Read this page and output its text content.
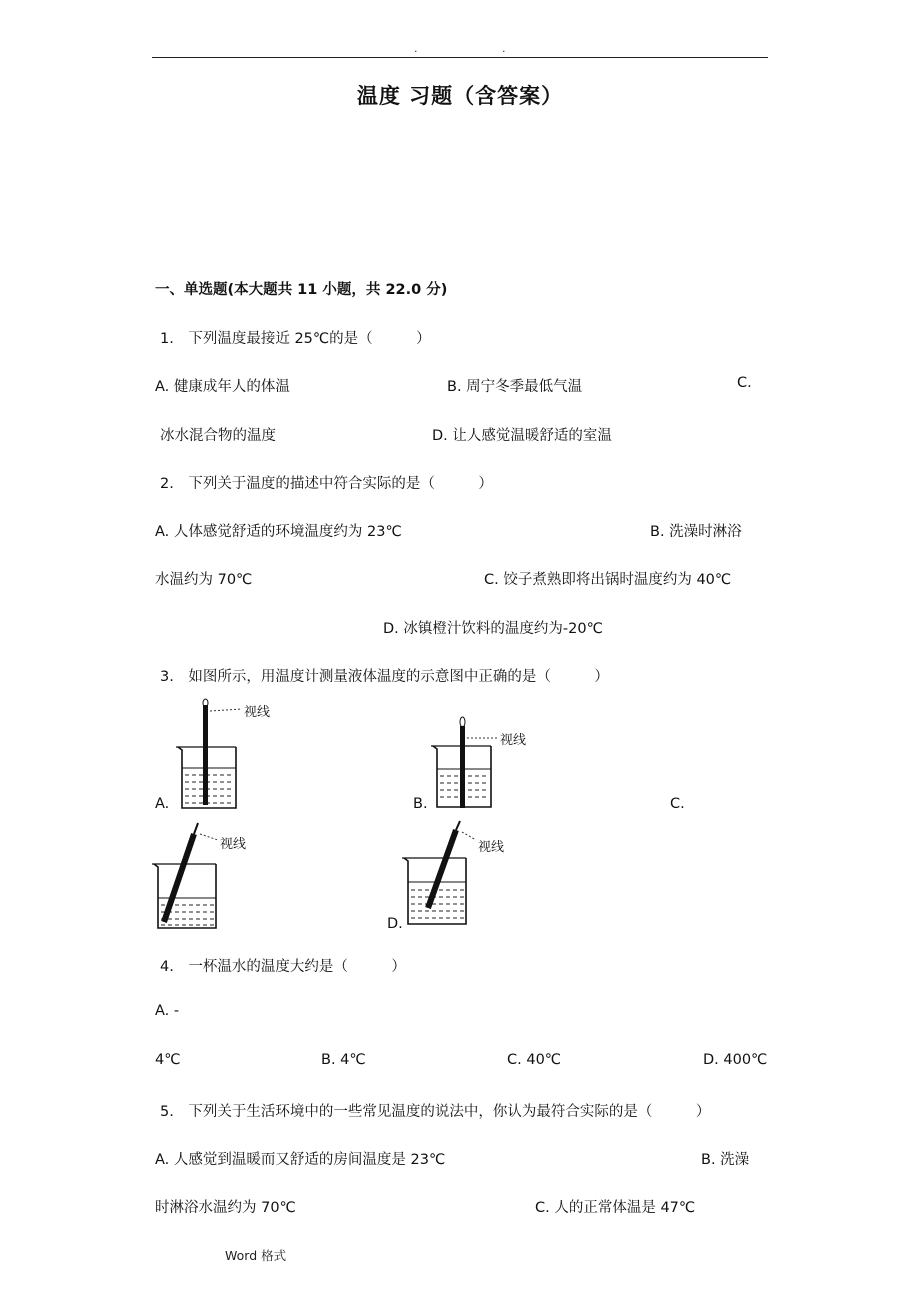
.	.
温度 习题（含答案）
一、单选题(本大题共 11 小题，共 22.0 分)
1.　下列温度最接近 25℃的是（　　　）
A. 健康成年人的体温	B. 周宁冬季最低气温	C.
冰水混合物的温度	D. 让人感觉温暖舒适的室温
2.　下列关于温度的描述中符合实际的是（　　　）
A. 人体感觉舒适的环境温度约为 23℃	B. 洗澡时淋浴
水温约为 70℃	C. 饺子煮熟即将出锅时温度约为 40℃
D. 冰镇橙汁饮料的温度约为-20℃
3.　如图所示，用温度计测量液体温度的示意图中正确的是（　　　）
视线
A.
视线
B.	C.
视线	视线
D.
4.　一杯温水的温度大约是（　　　）
A. -
4℃	B. 4℃	C. 40℃	D. 400℃
5.　下列关于生活环境中的一些常见温度的说法中，你认为最符合实际的是（　　　）
A. 人感觉到温暖而又舒适的房间温度是 23℃	B. 洗澡
时淋浴水温约为 70℃	C. 人的正常体温是 47℃
Word 格式
